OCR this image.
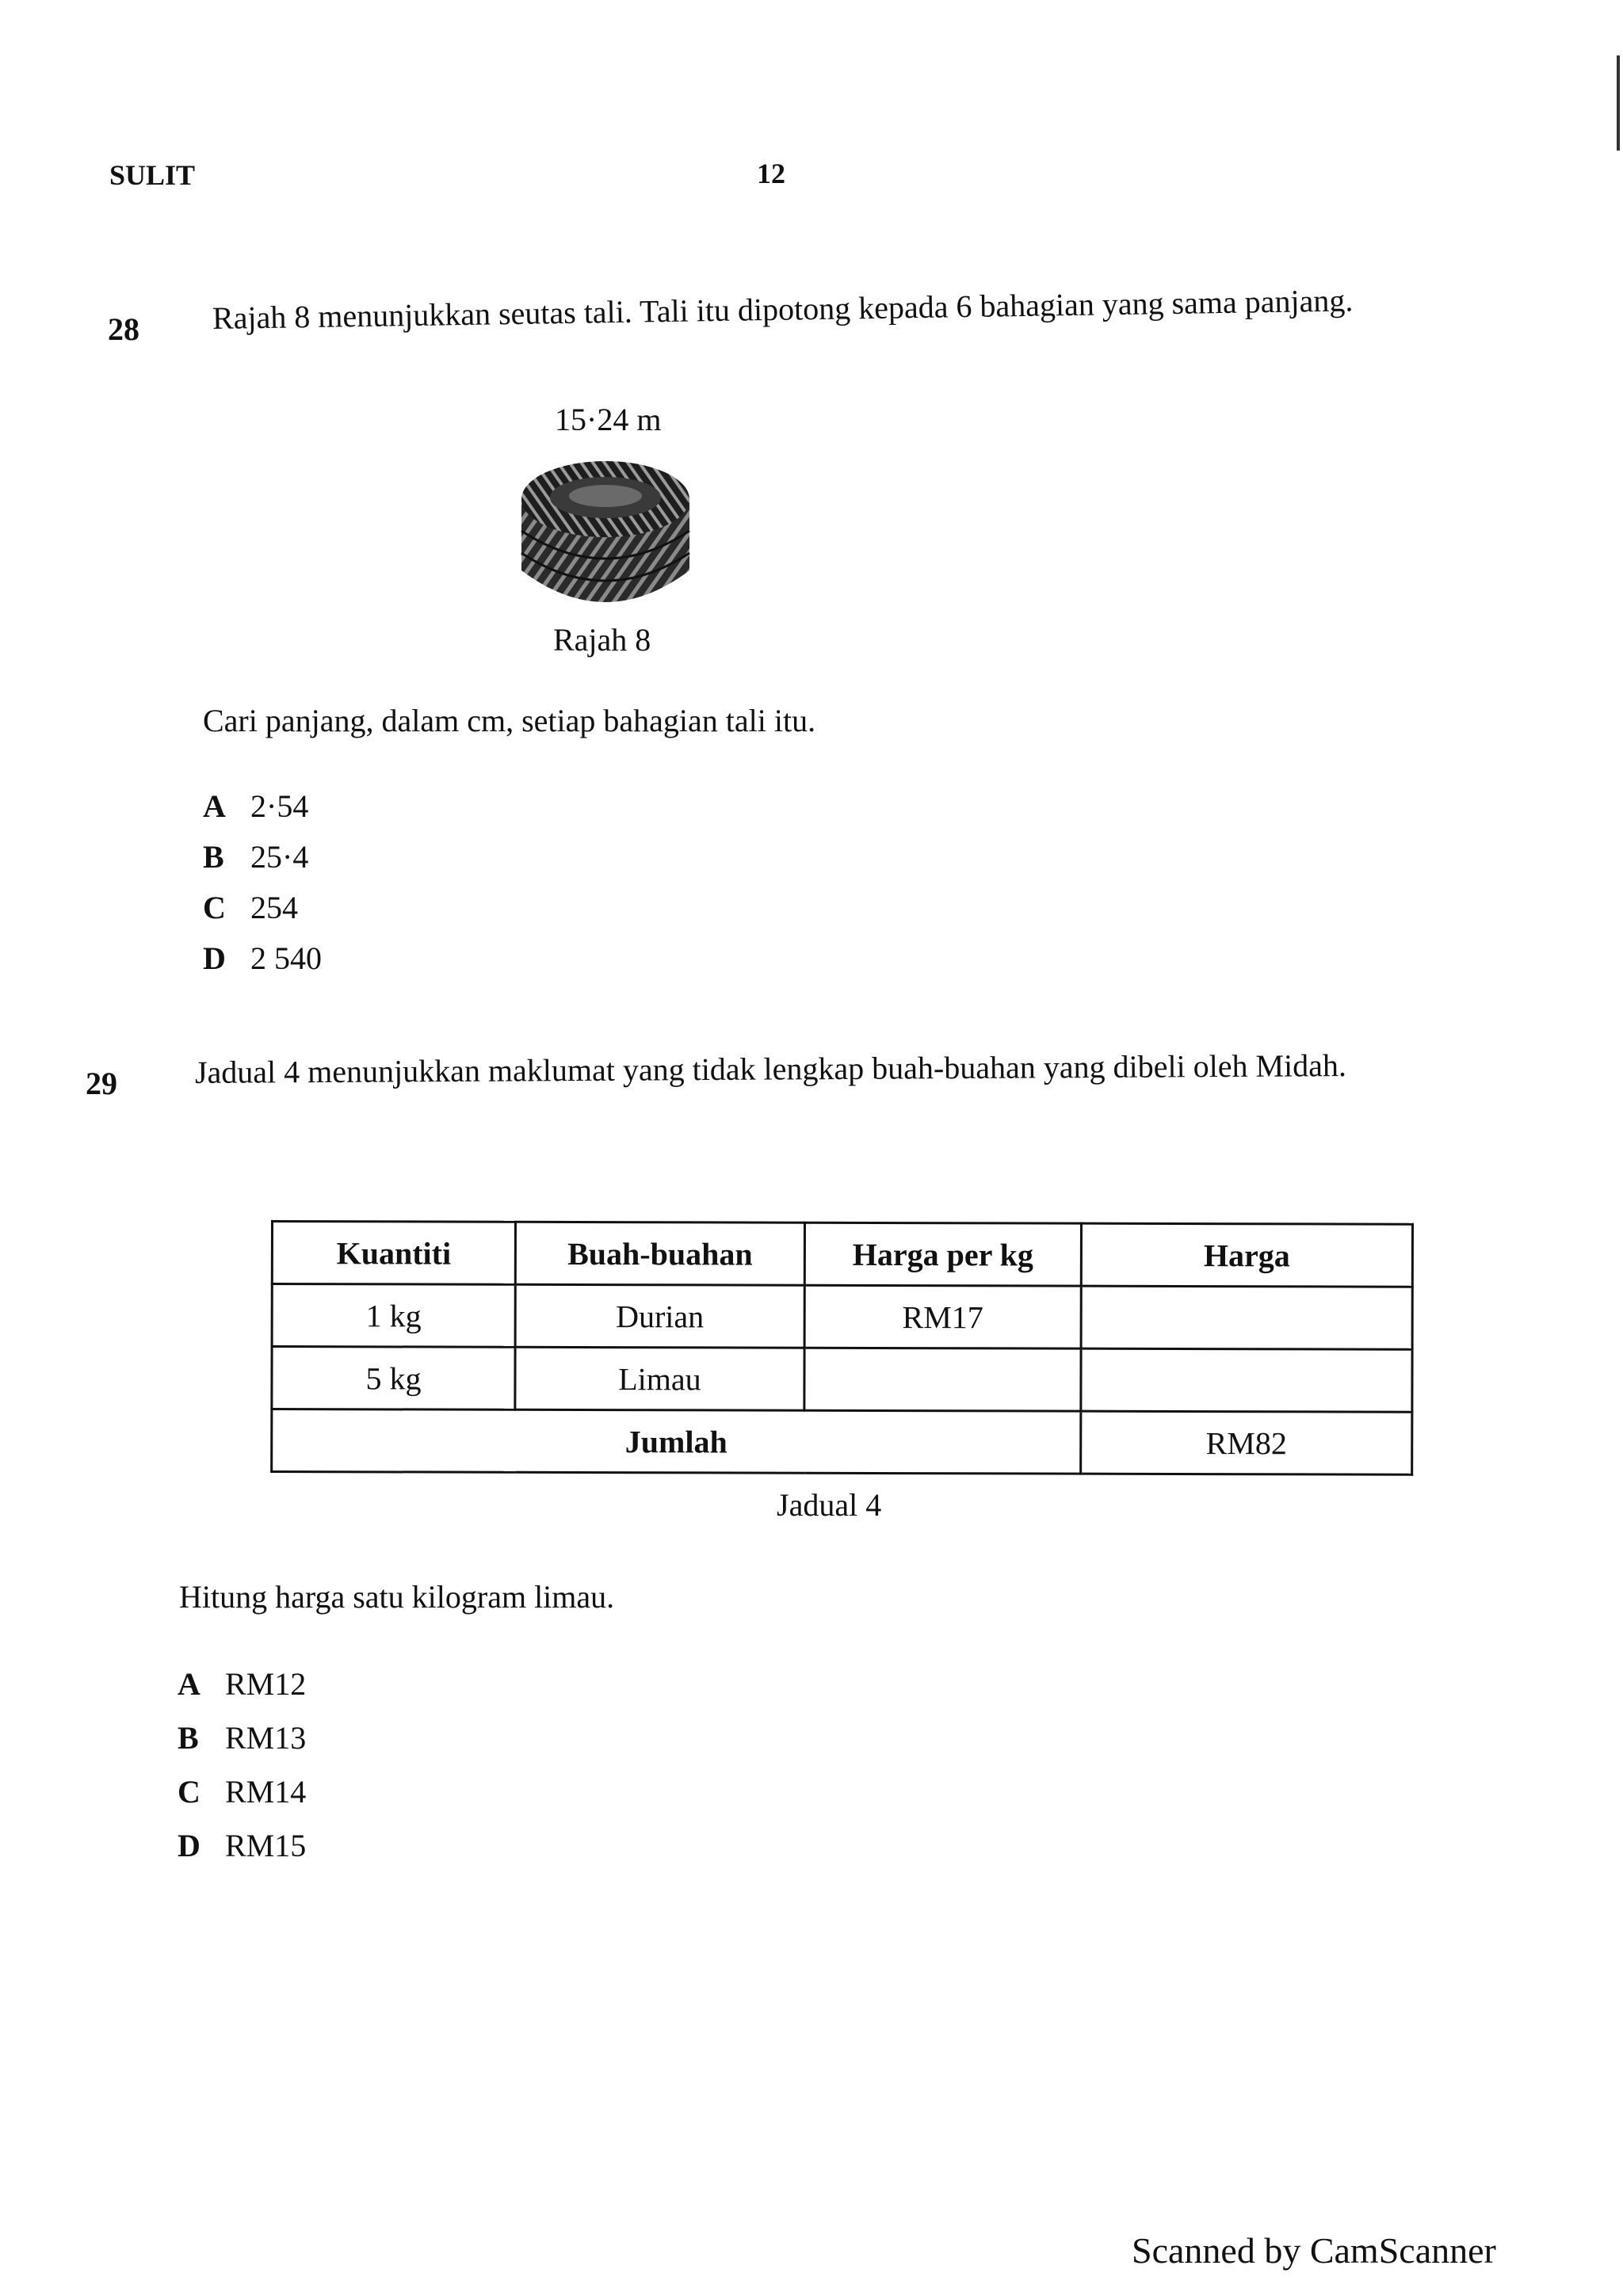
SULIT	12
28 Rajah 8 menunjukkan seutas tali. Tali itu dipotong kepada 6 bahagian yang sama panjang.
15·24 m
Rajah 8
Cari panjang, dalam cm, setiap bahagian tali itu.
A 2·54
B 25·4
C 254
D 2 540
29 Jadual 4 menunjukkan maklumat yang tidak lengkap buah-buahan yang dibeli oleh Midah.
Kuantiti	Buah-buahan	Harga per kg	Harga
1 kg	Durian	RM17	
5 kg	Limau		
Jumlah			RM82
Jadual 4
Hitung harga satu kilogram limau.
A RM12
B RM13
C RM14
D RM15
Scanned by CamScanner
